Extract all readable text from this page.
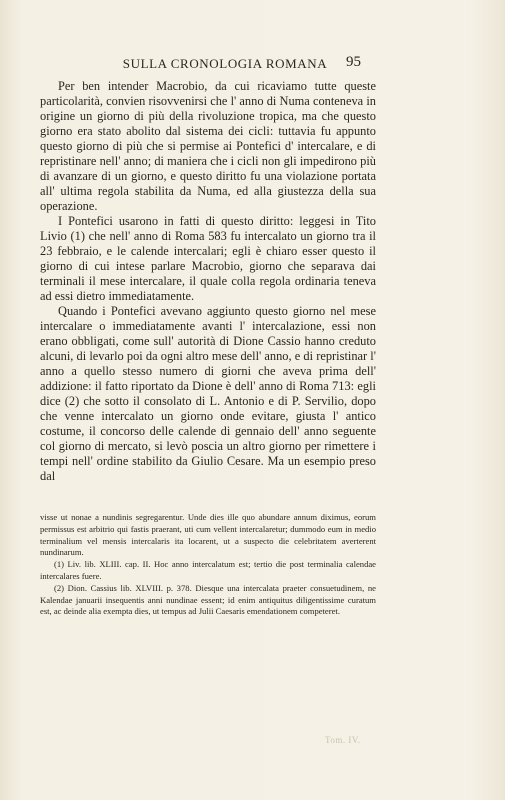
SULLA CRONOLOGIA ROMANA	95

Per ben intender Macrobio, da cui ricaviamo tutte queste particolarità, convien risovvenirsi che l' anno di Numa conteneva in origine un giorno di più della rivoluzione tropica, ma che questo giorno era stato abolito dal sistema dei cicli: tuttavia fu appunto questo giorno di più che si permise ai Pontefici d' intercalare, e di repristinare nell' anno; di maniera che i cicli non gli impedirono più di avanzare di un giorno, e questo diritto fu una violazione portata all' ultima regola stabilita da Numa, ed alla giustezza della sua operazione.

I Pontefici usarono in fatti di questo diritto: leggesi in Tito Livio (1) che nell' anno di Roma 583 fu intercalato un giorno tra il 23 febbraio, e le calende intercalari; egli è chiaro esser questo il giorno di cui intese parlare Macrobio, giorno che separava dai terminali il mese intercalare, il quale colla regola ordinaria teneva ad essi dietro immediatamente.

Quando i Pontefici avevano aggiunto questo giorno nel mese intercalare o immediatamente avanti l' intercalazione, essi non erano obbligati, come sull' autorità di Dione Cassio hanno creduto alcuni, di levarlo poi da ogni altro mese dell' anno, e di repristinar l' anno a quello stesso numero di giorni che aveva prima dell' addizione: il fatto riportato da Dione è dell' anno di Roma 713: egli dice (2) che sotto il consolato di L. Antonio e di P. Servilio, dopo che venne intercalato un giorno onde evitare, giusta l' antico costume, il concorso delle calende di gennaio dell' anno seguente col giorno di mercato, si levò poscia un altro giorno per rimettere i tempi nell' ordine stabilito da Giulio Cesare. Ma un esempio preso dal

visse ut nonae a nundinis segregarentur. Unde dies ille quo abundare annum diximus, eorum permissus est arbitrio qui fastis praerant, uti cum vellent intercalaretur; dummodo eum in medio terminalium vel mensis intercalaris ita locarent, ut a suspecto die celebritatem averterent nundinarum.

(1) Liv. lib. XLIII. cap. II. Hoc anno intercalatum est; tertio die post terminalia calendae intercalares fuere.

(2) Dion. Cassius lib. XLVIII. p. 378. Diesque una intercalata praeter consuetudinem, ne Kalendae januarii insequentis anni nundinae essent; id enim antiquitus diligentissime curatum est, ac deinde alia exempta dies, ut tempus ad Julii Caesaris emendationem competeret.

Tom. IV.
